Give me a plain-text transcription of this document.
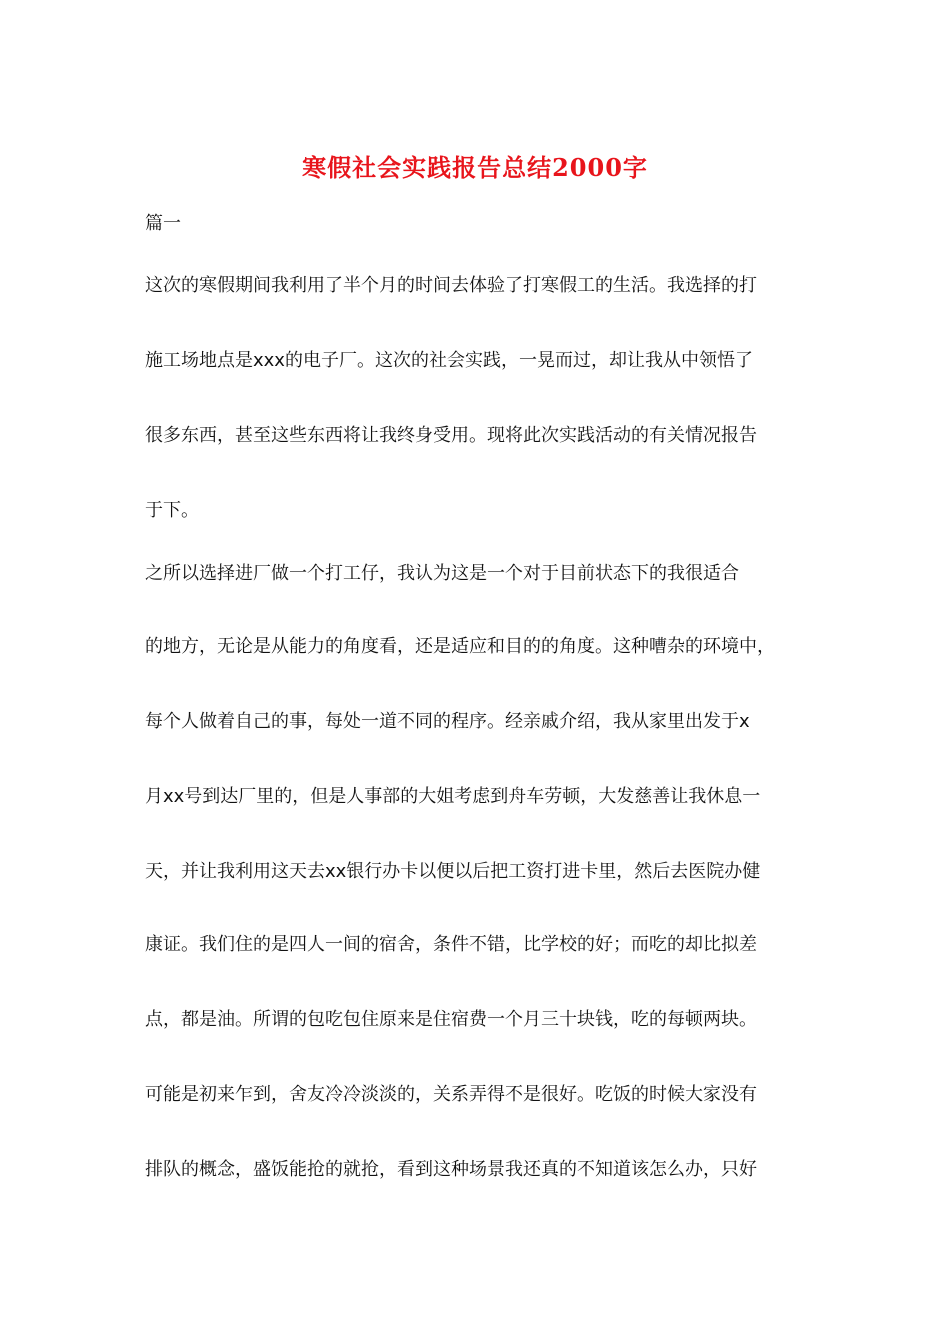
寒假社会实践报告总结2000字
篇一
这次的寒假期间我利用了半个月的时间去体验了打寒假工的生活。我选择的打
施工场地点是xxx的电子厂。这次的社会实践，一晃而过，却让我从中领悟了
很多东西，甚至这些东西将让我终身受用。现将此次实践活动的有关情况报告
于下。
之所以选择进厂做一个打工仔，我认为这是一个对于目前状态下的我很适合
的地方，无论是从能力的角度看，还是适应和目的的角度。这种嘈杂的环境中，
每个人做着自己的事，每处一道不同的程序。经亲戚介绍，我从家里出发于x
月xx号到达厂里的，但是人事部的大姐考虑到舟车劳顿，大发慈善让我休息一
天，并让我利用这天去xx银行办卡以便以后把工资打进卡里，然后去医院办健
康证。我们住的是四人一间的宿舍，条件不错，比学校的好；而吃的却比拟差
点，都是油。所谓的包吃包住原来是住宿费一个月三十块钱，吃的每顿两块。
可能是初来乍到，舍友冷冷淡淡的，关系弄得不是很好。吃饭的时候大家没有
排队的概念，盛饭能抢的就抢，看到这种场景我还真的不知道该怎么办，只好
